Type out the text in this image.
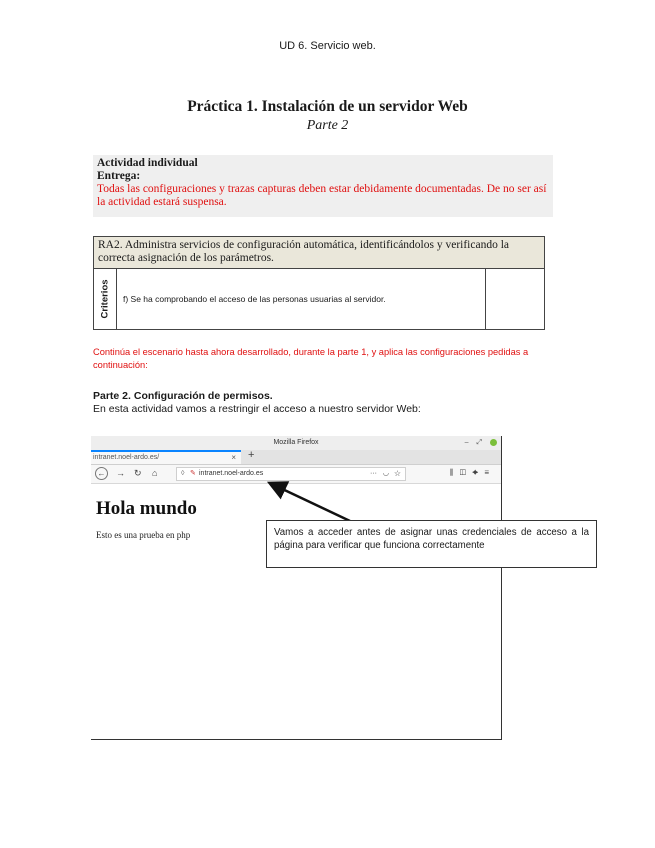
UD 6. Servicio web.
Práctica 1. Instalación de un servidor Web
Parte 2
Actividad individual
Entrega:
Todas las configuraciones y trazas capturas deben estar debidamente documentadas. De no ser así la actividad estará suspensa.
RA2. Administra servicios de configuración automática, identificándolos y verificando la correcta asignación de los parámetros.
Criterios	f) Se ha comprobando el acceso de las personas usuarias al servidor.
Continúa el escenario hasta ahora desarrollado, durante la parte 1, y aplica las configuraciones pedidas a continuación:
Parte 2. Configuración de permisos.
En esta actividad vamos a restringir el acceso a nuestro servidor Web:
Mozilla Firefox	– ⤢
intranet.noel-ardo.es/	× +
← → ↻ ⌂	◊ ✎ intranet.noel-ardo.es	··· ◡ ☆	⫼◫✦≡
Hola mundo
Esto es una prueba en php	Vamos a acceder antes de asignar unas credenciales de acceso a la página para verificar que funciona correctamente
